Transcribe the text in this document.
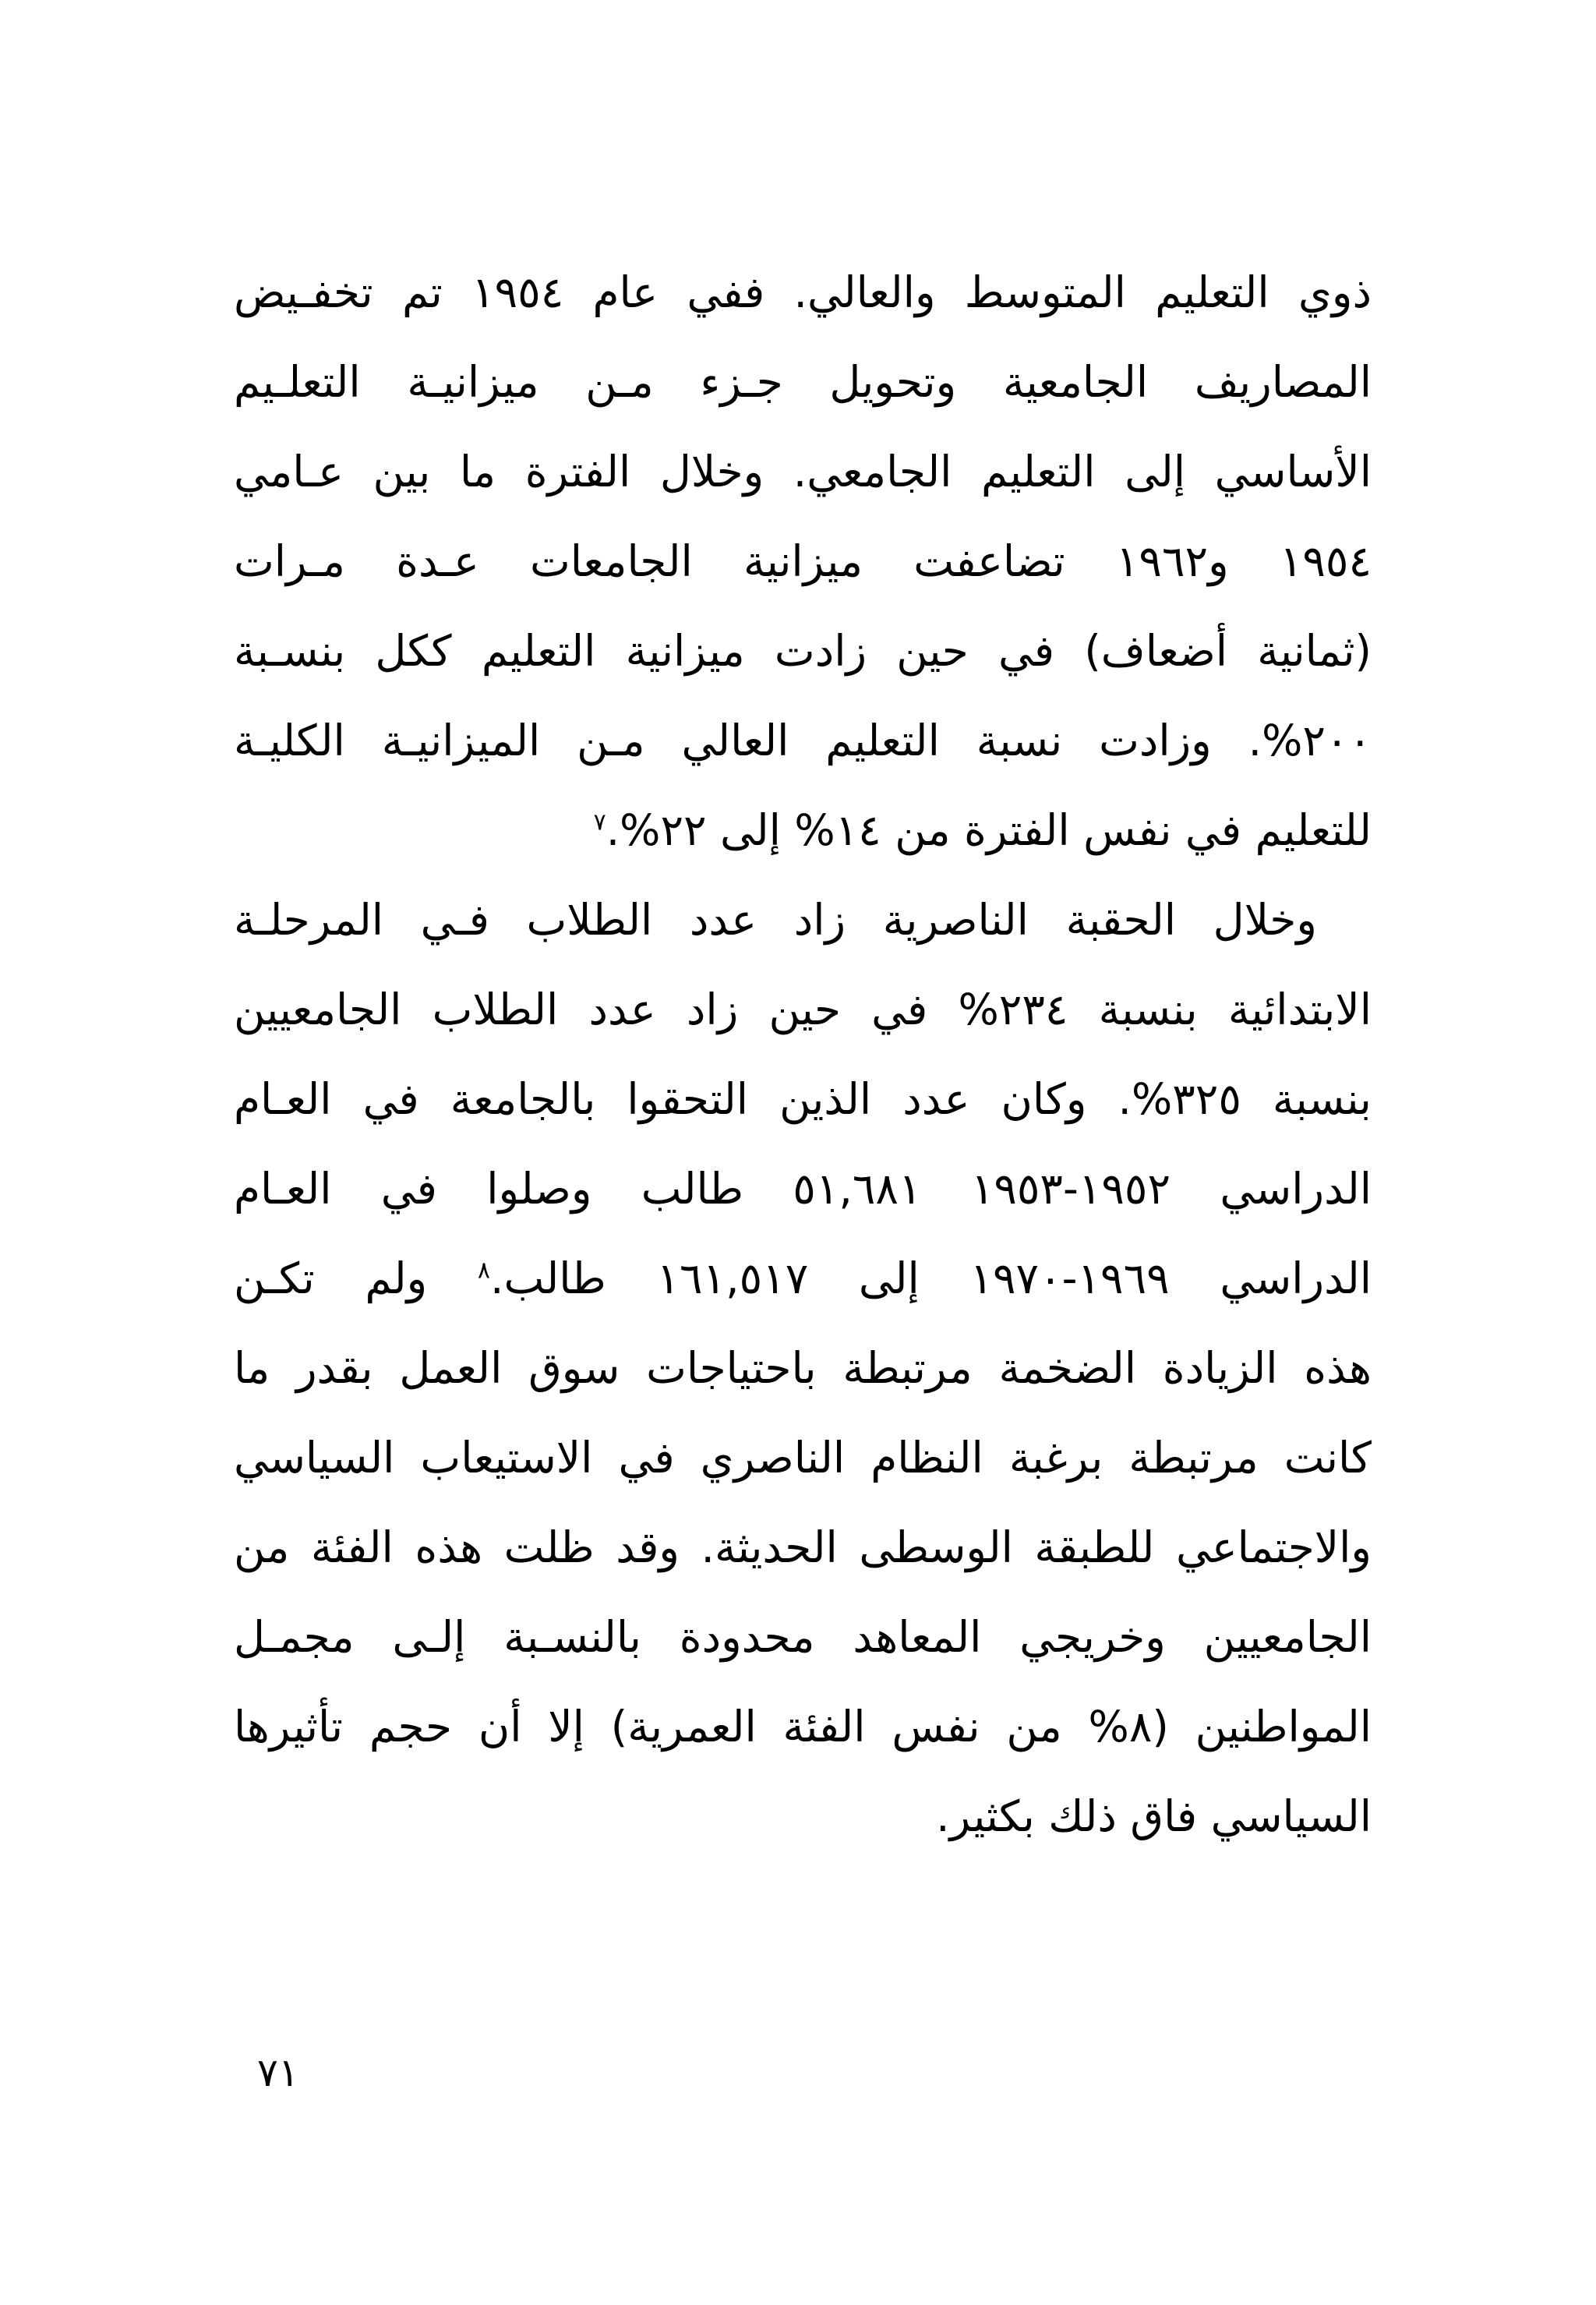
ذوي التعليم المتوسط والعالي. ففي عام ١٩٥٤ تم تخفـيض
المصاريف الجامعية وتحويل جـزء مـن ميزانيـة التعلـيم
الأساسي إلى التعليم الجامعي. وخلال الفترة ما بين عـامي
١٩٥٤ و١٩٦٢ تضاعفت ميزانية الجامعات عـدة مـرات
(ثمانية أضعاف) في حين زادت ميزانية التعليم ككل بنسـبة
٢٠٠%. وزادت نسبة التعليم العالي مـن الميزانيـة الكليـة
للتعليم في نفس الفترة من ١٤% إلى ٢٢%.$^٧$
وخلال الحقبة الناصرية زاد عدد الطلاب فـي المرحلـة
الابتدائية بنسبة ٢٣٤% في حين زاد عدد الطلاب الجامعيين
بنسبة ٣٢٥%. وكان عدد الذين التحقوا بالجامعة في العـام
الدراسي ١٩٥٢-١٩٥٣ ٥١,٦٨١ طالب وصلوا في العـام
الدراسي ١٩٦٩-١٩٧٠ إلى ١٦١,٥١٧ طالب.$^٨$ ولم تكـن
هذه الزيادة الضخمة مرتبطة باحتياجات سوق العمل بقدر ما
كانت مرتبطة برغبة النظام الناصري في الاستيعاب السياسي
والاجتماعي للطبقة الوسطى الحديثة. وقد ظلت هذه الفئة من
الجامعيين وخريجي المعاهد محدودة بالنسـبة إلـى مجمـل
المواطنين (٨% من نفس الفئة العمرية) إلا أن حجم تأثيرها
السياسي فاق ذلك بكثير.
٧١
